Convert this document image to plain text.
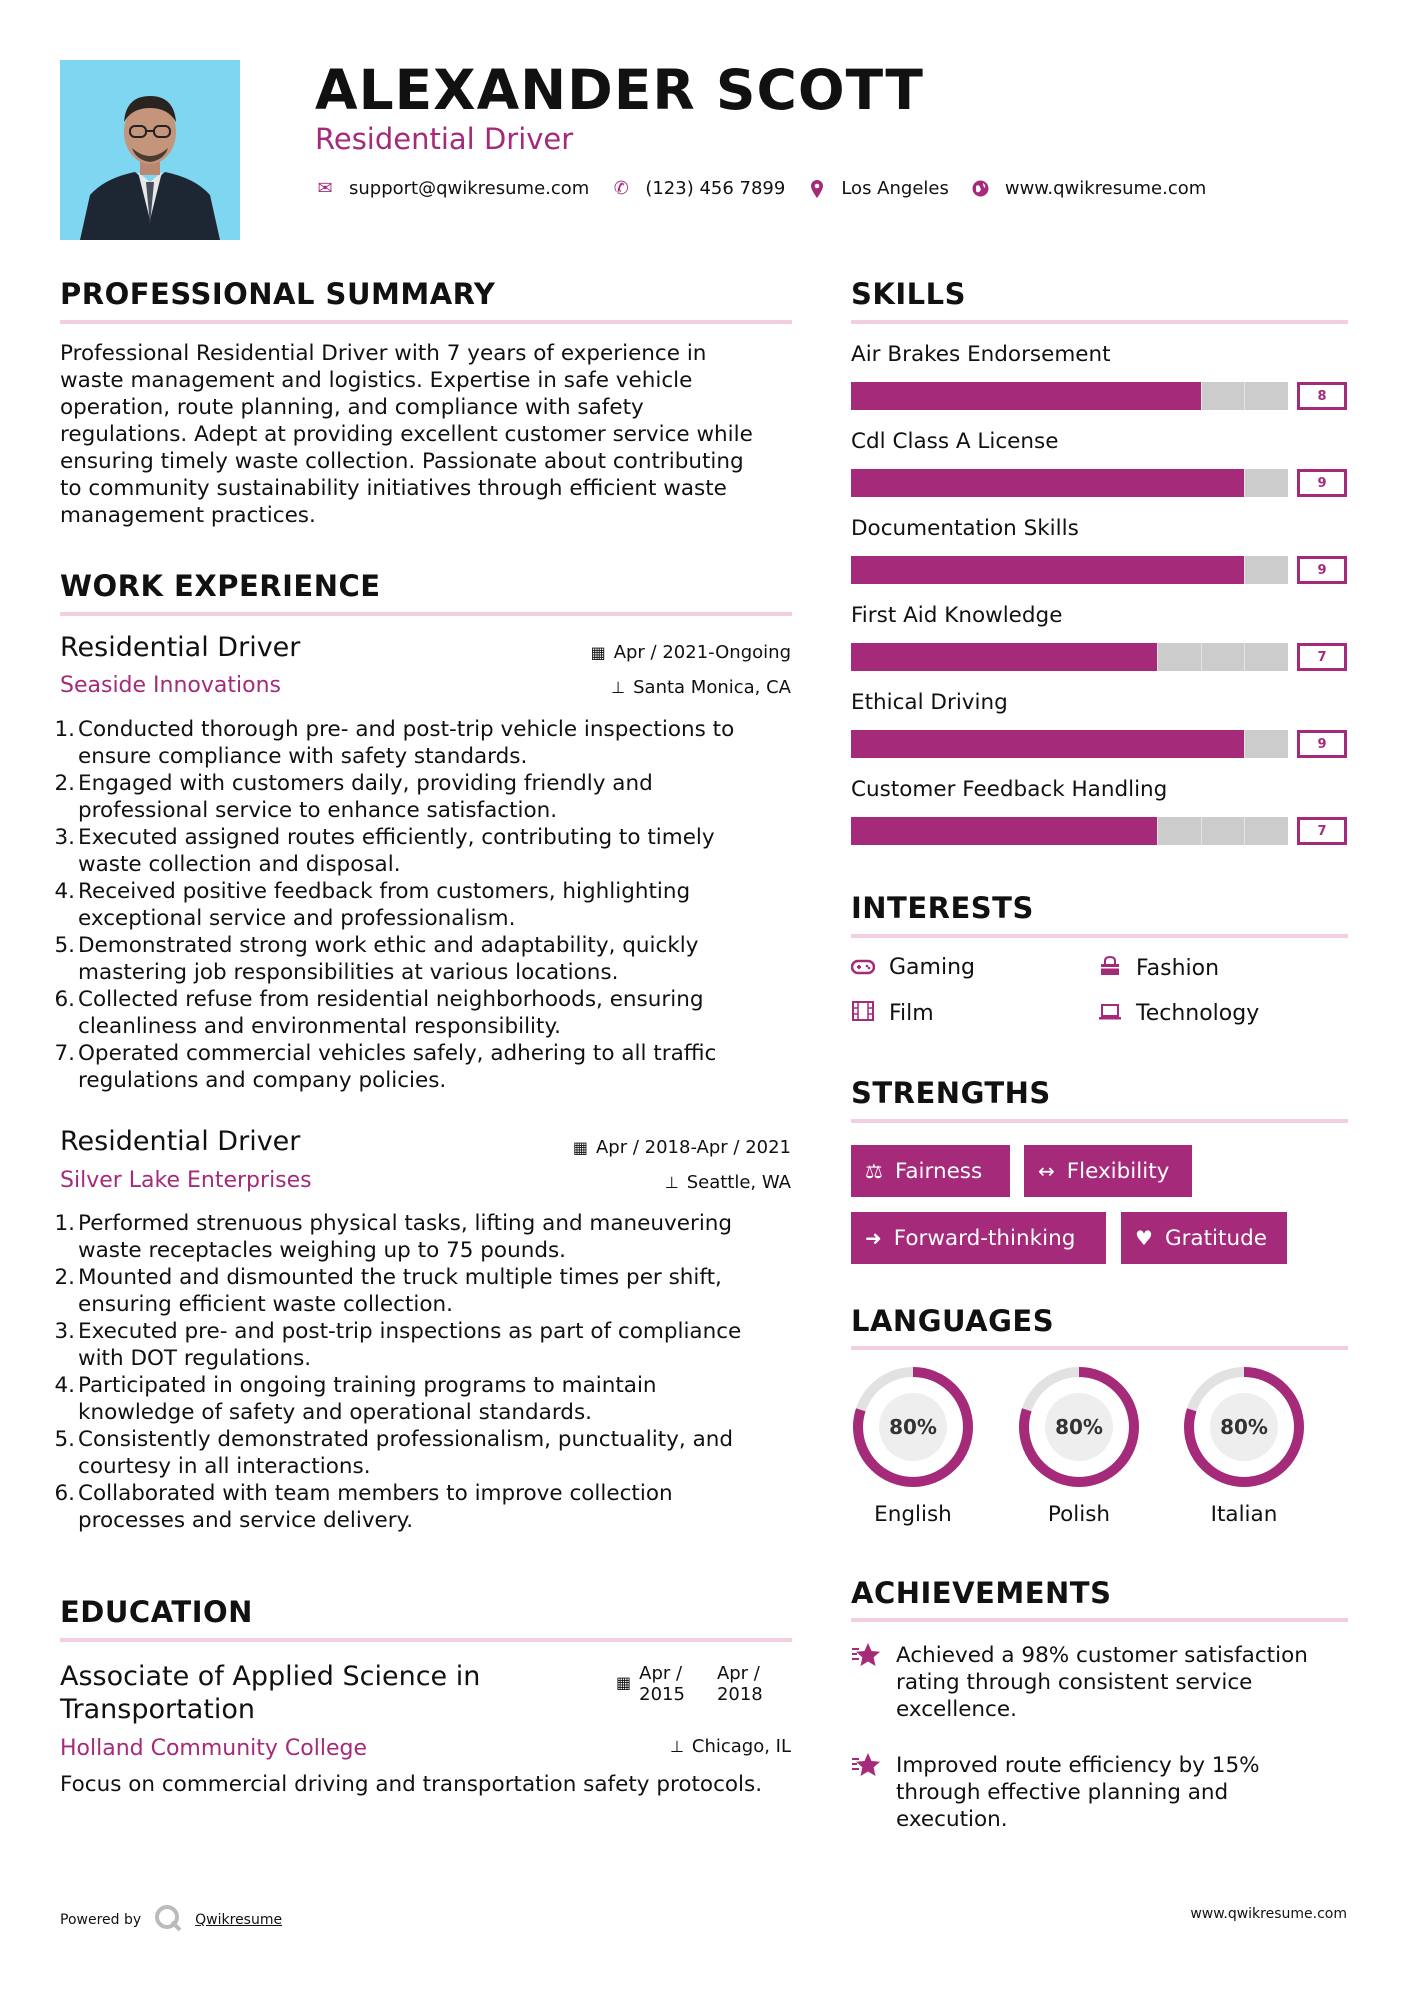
ALEXANDER SCOTT
Residential Driver
✉ support@qwikresume.com ✆ (123) 456 7899	Los Angeles	www.qwikresume.com
PROFESSIONAL SUMMARY
Professional Residential Driver with 7 years of experience in
waste management and logistics. Expertise in safe vehicle
operation, route planning, and compliance with safety
regulations. Adept at providing excellent customer service while
ensuring timely waste collection. Passionate about contributing
to community sustainability initiatives through efficient waste
management practices.
WORK EXPERIENCE
Residential Driver
Seaside Innovations
▦ Apr / 2021-Ongoing
⊥ Santa Monica, CA
1. Conducted thorough pre- and post-trip vehicle inspections to
ensure compliance with safety standards.
2. Engaged with customers daily, providing friendly and
professional service to enhance satisfaction.
3. Executed assigned routes efficiently, contributing to timely
waste collection and disposal.
4. Received positive feedback from customers, highlighting
exceptional service and professionalism.
5. Demonstrated strong work ethic and adaptability, quickly
mastering job responsibilities at various locations.
6. Collected refuse from residential neighborhoods, ensuring
cleanliness and environmental responsibility.
7. Operated commercial vehicles safely, adhering to all traffic
regulations and company policies.
Residential Driver
Silver Lake Enterprises
▦ Apr / 2018-Apr / 2021
⊥ Seattle, WA
1. Performed strenuous physical tasks, lifting and maneuvering
waste receptacles weighing up to 75 pounds.
2. Mounted and dismounted the truck multiple times per shift,
ensuring efficient waste collection.
3. Executed pre- and post-trip inspections as part of compliance
with DOT regulations.
4. Participated in ongoing training programs to maintain
knowledge of safety and operational standards.
5. Consistently demonstrated professionalism, punctuality, and
courtesy in all interactions.
6. Collaborated with team members to improve collection
processes and service delivery.
EDUCATION
Associate of Applied Science in
Transportation
▦ Apr /
2015
Apr /
2018
Holland Community College	⊥ Chicago, IL
Focus on commercial driving and transportation safety protocols.
SKILLS
Air Brakes Endorsement
8
Cdl Class A License
9
Documentation Skills
9
First Aid Knowledge
7
Ethical Driving
9
Customer Feedback Handling
7
INTERESTS
Gaming	Fashion
Film	Technology
STRENGTHS
⚖ Fairness	↔ Flexibility
➜ Forward-thinking	♥ Gratitude
LANGUAGES
80%
English
80%
Polish
80%
Italian
ACHIEVEMENTS
Achieved a 98% customer satisfaction
rating through consistent service
excellence.
Improved route efficiency by 15%
through effective planning and
execution.
Powered by	Qwikresume	www.qwikresume.com
